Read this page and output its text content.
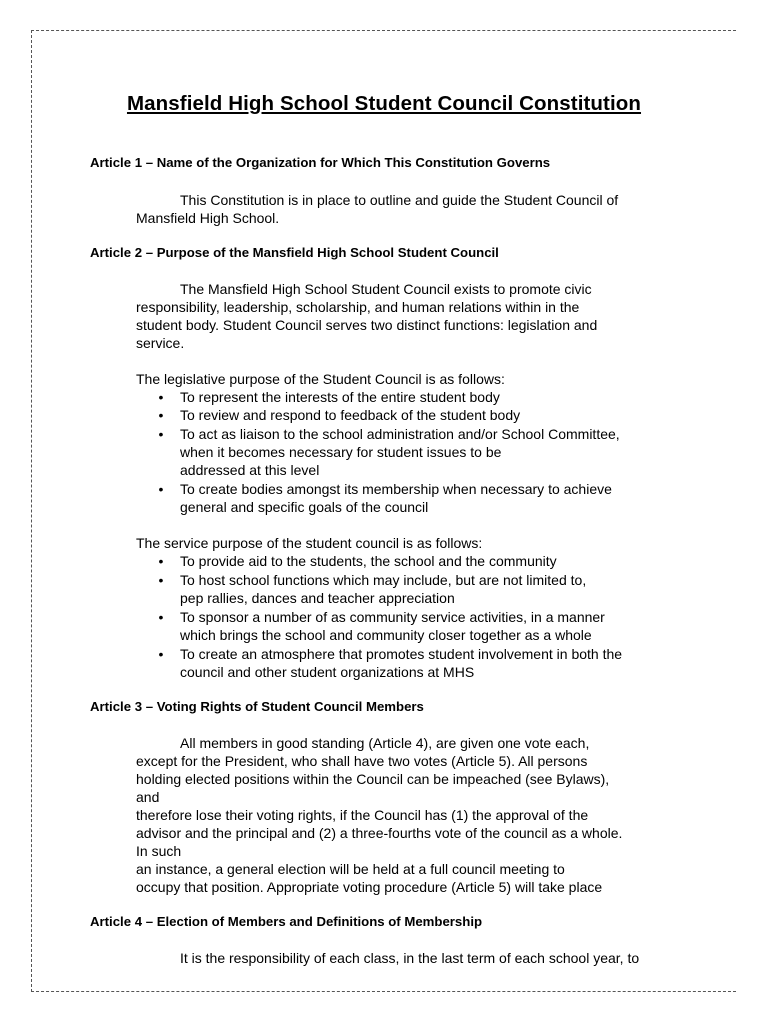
Mansfield High School Student Council Constitution
Article 1 – Name of the Organization for Which This Constitution Governs
This Constitution is in place to outline and guide the Student Council of
Mansfield High School.
Article 2 – Purpose of the Mansfield High School Student Council
The Mansfield High School Student Council exists to promote civic
responsibility, leadership, scholarship, and human relations within in the
student body. Student Council serves two distinct functions: legislation and
service.
The legislative purpose of the Student Council is as follows:
• To represent the interests of the entire student body
• To review and respond to feedback of the student body
• To act as liaison to the school administration and/or School Committee,
when it becomes necessary for student issues to be
addressed at this level
• To create bodies amongst its membership when necessary to achieve
general and specific goals of the council
The service purpose of the student council is as follows:
• To provide aid to the students, the school and the community
• To host school functions which may include, but are not limited to,
pep rallies, dances and teacher appreciation
• To sponsor a number of as community service activities, in a manner
which brings the school and community closer together as a whole
• To create an atmosphere that promotes student involvement in both the
council and other student organizations at MHS
Article 3 – Voting Rights of Student Council Members
All members in good standing (Article 4), are given one vote each,
except for the President, who shall have two votes (Article 5). All persons
holding elected positions within the Council can be impeached (see Bylaws),
and
therefore lose their voting rights, if the Council has (1) the approval of the
advisor and the principal and (2) a three-fourths vote of the council as a whole.
In such
an instance, a general election will be held at a full council meeting to
occupy that position. Appropriate voting procedure (Article 5) will take place
Article 4 – Election of Members and Definitions of Membership
It is the responsibility of each class, in the last term of each school year, to
